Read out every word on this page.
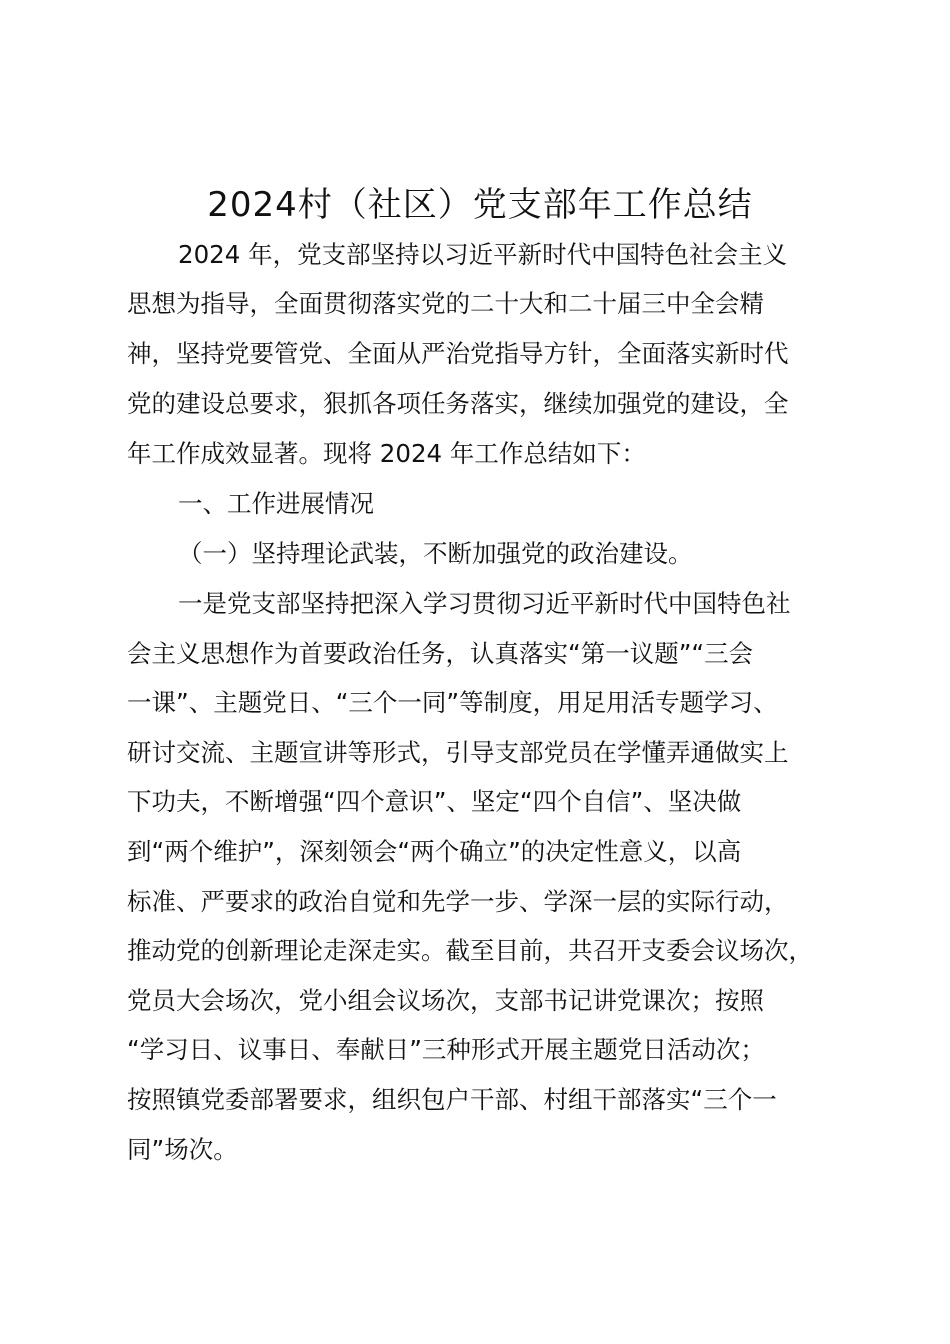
2024村（社区）党支部年工作总结

2024 年，党支部坚持以习近平新时代中国特色社会主义

思想为指导，全面贯彻落实党的二十大和二十届三中全会精

神，坚持党要管党、全面从严治党指导方针，全面落实新时代

党的建设总要求，狠抓各项任务落实，继续加强党的建设，全

年工作成效显著。现将 2024 年工作总结如下：

一、工作进展情况

（一）坚持理论武装，不断加强党的政治建设。

一是党支部坚持把深入学习贯彻习近平新时代中国特色社

会主义思想作为首要政治任务，认真落实“第一议题”“三会

一课”、主题党日、“三个一同”等制度，用足用活专题学习、

研讨交流、主题宣讲等形式，引导支部党员在学懂弄通做实上

下功夫，不断增强“四个意识”、坚定“四个自信”、坚决做

到“两个维护”，深刻领会“两个确立”的决定性意义，以高

标准、严要求的政治自觉和先学一步、学深一层的实际行动，

推动党的创新理论走深走实。截至目前，共召开支委会议场次，

党员大会场次，党小组会议场次，支部书记讲党课次；按照

“学习日、议事日、奉献日”三种形式开展主题党日活动次；

按照镇党委部署要求，组织包户干部、村组干部落实“三个一

同”场次。
